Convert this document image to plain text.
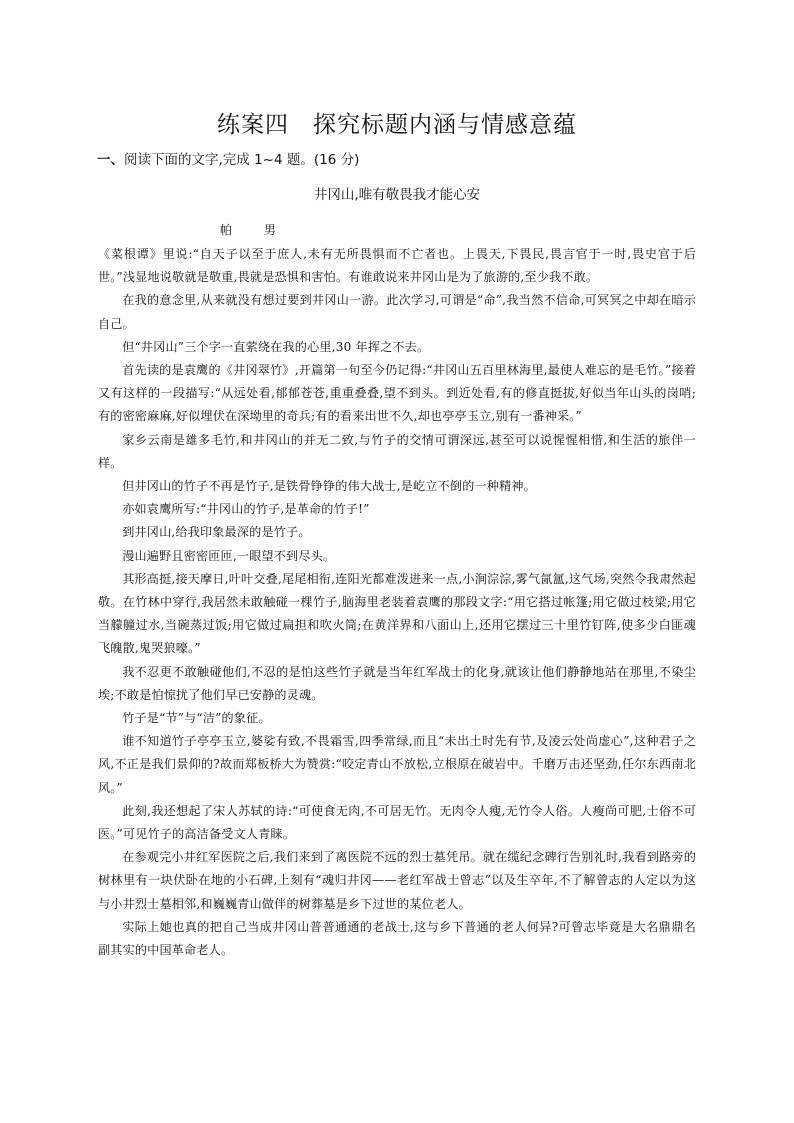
练案四　探究标题内涵与情感意蕴
一、阅读下面的文字,完成 1~4 题。(16 分)
井冈山,唯有敬畏我才能心安
帕 男

《菜根谭》里说:“自天子以至于庶人,未有无所畏惧而不亡者也。上畏天,下畏民,畏言官于一时,畏史官于后世。”浅显地说敬就是敬重,畏就是恐惧和害怕。有谁敢说来井冈山是为了旅游的,至少我不敢。

在我的意念里,从来就没有想过要到井冈山一游。此次学习,可谓是“命”,我当然不信命,可冥冥之中却在暗示自己。

但“井冈山”三个字一直萦绕在我的心里,30 年挥之不去。

首先读的是袁鹰的《井冈翠竹》,开篇第一句至今仍记得:“井冈山五百里林海里,最使人难忘的是毛竹。”接着又有这样的一段描写:“从远处看,郁郁苍苍,重重叠叠,望不到头。到近处看,有的修直挺拔,好似当年山头的岗哨;有的密密麻麻,好似埋伏在深坳里的奇兵;有的看来出世不久,却也亭亭玉立,别有一番神采。”

家乡云南是雄多毛竹,和井冈山的并无二致,与竹子的交情可谓深远,甚至可以说惺惺相惜,和生活的旅伴一样。

但井冈山的竹子不再是竹子,是铁骨铮铮的伟大战士,是屹立不倒的一种精神。

亦如袁鹰所写:“井冈山的竹子,是革命的竹子!”

到井冈山,给我印象最深的是竹子。

漫山遍野且密密匝匝,一眼望不到尽头。

其形高挺,接天摩日,叶叶交叠,尾尾相衔,连阳光都难泼进来一点,小涧淙淙,雾气氤氲,这气场,突然令我肃然起敬。在竹林中穿行,我居然未敢触碰一棵竹子,脑海里老装着袁鹰的那段文字:“用它搭过帐篷;用它做过枝梁;用它当艨艟过水,当碗蒸过饭;用它做过扁担和吹火筒;在黄洋界和八面山上,还用它摆过三十里竹钉阵,使多少白匪魂飞魄散,鬼哭狼嚎。”

我不忍更不敢触碰他们,不忍的是怕这些竹子就是当年红军战士的化身,就该让他们静静地站在那里,不染尘埃;不敢是怕惊扰了他们早已安静的灵魂。

竹子是“节”与“洁”的象征。

谁不知道竹子亭亭玉立,婆娑有致,不畏霜雪,四季常绿,而且“未出土时先有节,及凌云处尚虚心”,这种君子之风,不正是我们景仰的?故而郑板桥大为赞赏:“咬定青山不放松,立根原在破岩中。千磨万击还坚劲,任尔东西南北风。”

此刻,我还想起了宋人苏轼的诗:“可使食无肉,不可居无竹。无肉令人瘦,无竹令人俗。人瘦尚可肥,士俗不可医。”可见竹子的高洁备受文人青睐。

在参观完小井红军医院之后,我们来到了离医院不远的烈士墓凭吊。就在缆纪念碑行告别礼时,我看到路旁的树林里有一块伏卧在地的小石碑,上刻有“魂归井冈——老红军战士曾志”以及生卒年,不了解曾志的人定以为这与小井烈士墓相邻,和巍巍青山做伴的树葬墓是乡下过世的某位老人。

实际上她也真的把自己当成井冈山普普通通的老战士,这与乡下普通的老人何异?可曾志毕竟是大名鼎鼎名副其实的中国革命老人。
